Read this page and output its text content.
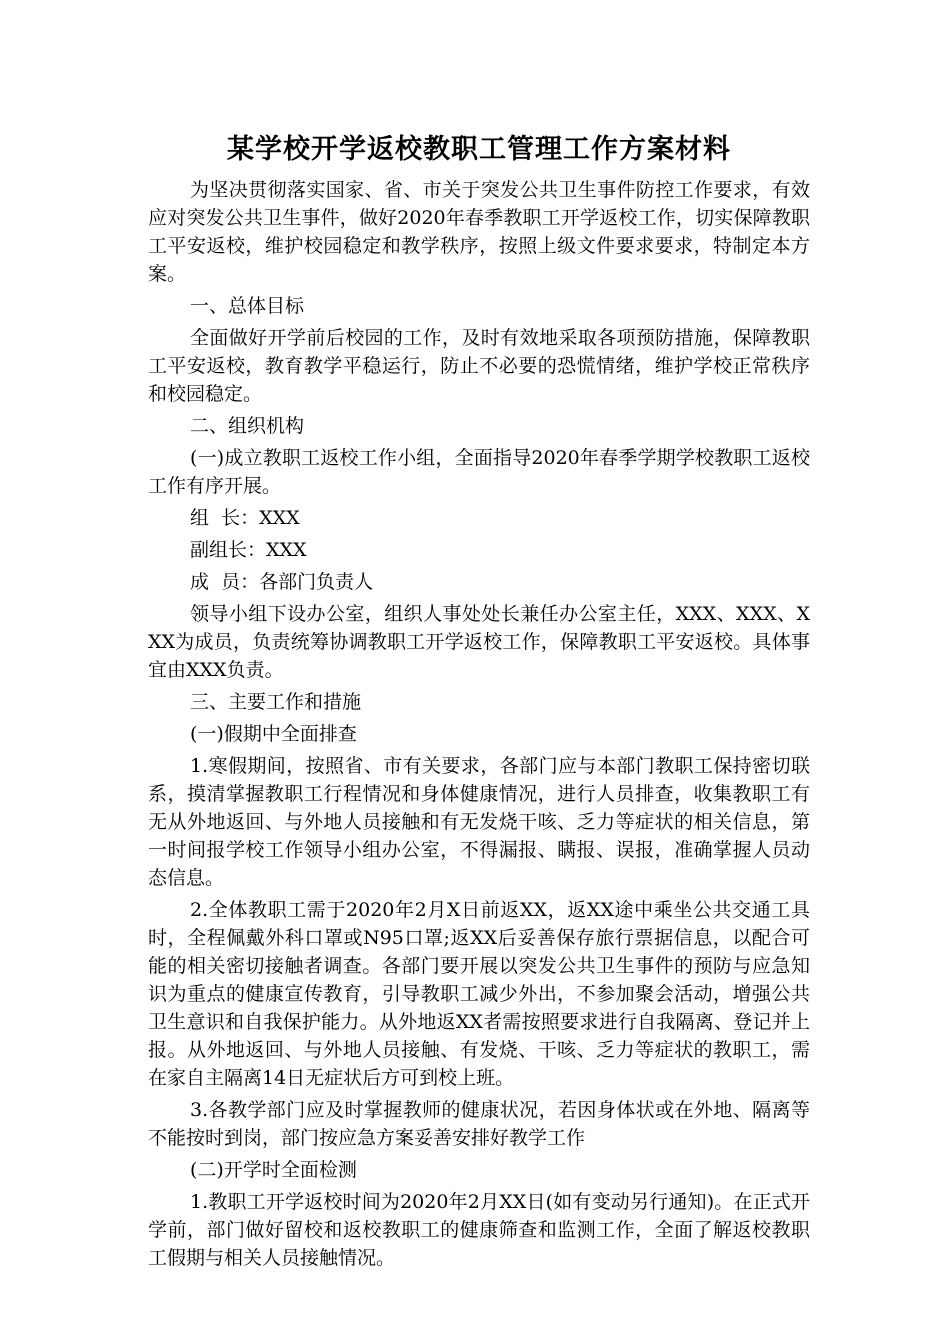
某学校开学返校教职工管理工作方案材料

为坚决贯彻落实国家、省、市关于突发公共卫生事件防控工作要求，有效应对突发公共卫生事件，做好2020年春季教职工开学返校工作，切实保障教职工平安返校，维护校园稳定和教学秩序，按照上级文件要求要求，特制定本方案。

一、总体目标

全面做好开学前后校园的工作，及时有效地采取各项预防措施，保障教职工平安返校，教育教学平稳运行，防止不必要的恐慌情绪，维护学校正常秩序和校园稳定。

二、组织机构

(一)成立教职工返校工作小组，全面指导2020年春季学期学校教职工返校工作有序开展。

组  长：XXX

副组长：XXX

成  员：各部门负责人

领导小组下设办公室，组织人事处处长兼任办公室主任，XXX、XXX、XXX为成员，负责统筹协调教职工开学返校工作，保障教职工平安返校。具体事宜由XXX负责。

三、主要工作和措施

(一)假期中全面排查

1.寒假期间，按照省、市有关要求，各部门应与本部门教职工保持密切联系，摸清掌握教职工行程情况和身体健康情况，进行人员排查，收集教职工有无从外地返回、与外地人员接触和有无发烧干咳、乏力等症状的相关信息，第一时间报学校工作领导小组办公室，不得漏报、瞒报、误报，准确掌握人员动态信息。

2.全体教职工需于2020年2月X日前返XX，返XX途中乘坐公共交通工具时，全程佩戴外科口罩或N95口罩;返XX后妥善保存旅行票据信息，以配合可能的相关密切接触者调查。各部门要开展以突发公共卫生事件的预防与应急知识为重点的健康宣传教育，引导教职工减少外出，不参加聚会活动，增强公共卫生意识和自我保护能力。从外地返XX者需按照要求进行自我隔离、登记并上报。从外地返回、与外地人员接触、有发烧、干咳、乏力等症状的教职工，需在家自主隔离14日无症状后方可到校上班。

3.各教学部门应及时掌握教师的健康状况，若因身体状或在外地、隔离等不能按时到岗，部门按应急方案妥善安排好教学工作

(二)开学时全面检测

1.教职工开学返校时间为2020年2月XX日(如有变动另行通知)。在正式开学前，部门做好留校和返校教职工的健康筛查和监测工作，全面了解返校教职工假期与相关人员接触情况。
